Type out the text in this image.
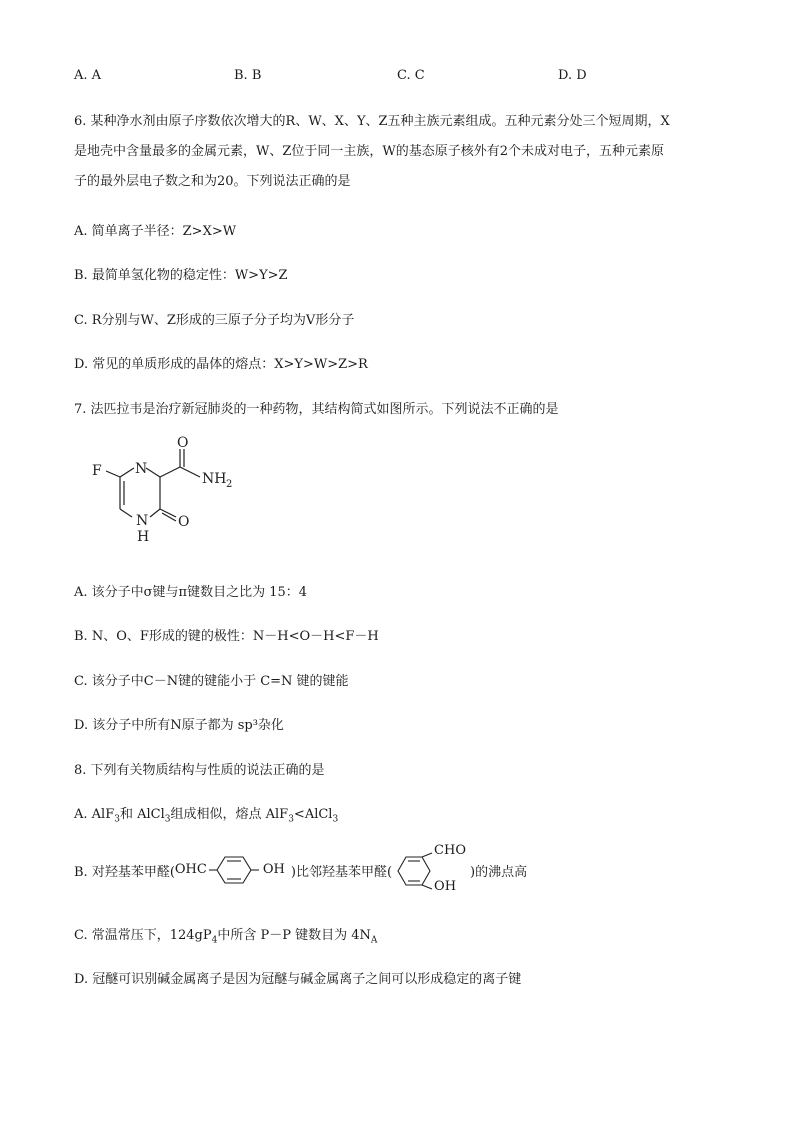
A. A	B. B	C. C	D. D

6. 某种净水剂由原子序数依次增大的R、W、X、Y、Z五种主族元素组成。五种元素分处三个短周期，X

是地壳中含量最多的金属元素，W、Z位于同一主族，W的基态原子核外有2个未成对电子，五种元素原

子的最外层电子数之和为20。下列说法正确的是

A. 简单离子半径：Z>X>W
B. 最简单氢化物的稳定性：W>Y>Z
C. R分别与W、Z形成的三原子分子均为V形分子
D. 常见的单质形成的晶体的熔点：X>Y>W>Z>R
7. 法匹拉韦是治疗新冠肺炎的一种药物，其结构简式如图所示。下列说法不正确的是
F N
O
NH 2
O
N
H
A. 该分子中σ键与π键数目之比为 15：4
B. N、O、F形成的键的极性：N－H<O－H<F－H
C. 该分子中C－N键的键能小于 C=N 键的键能
D. 该分子中所有N原子都为 sp³杂化
8. 下列有关物质结构与性质的说法正确的是
A. AlF$_3$和 AlCl$_3$组成相似，熔点 AlF$_3$<AlCl$_3$
B. 对羟基苯甲醛( OHC	OH )比邻羟基苯甲醛(
CHO
OH
)的沸点高
C. 常温常压下，$124gP_4$中所含 P－P 键数目为 $4N_A$
D. 冠醚可识别碱金属离子是因为冠醚与碱金属离子之间可以形成稳定的离子键
